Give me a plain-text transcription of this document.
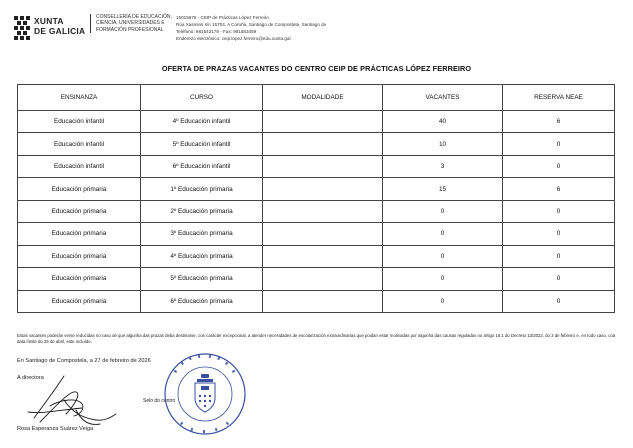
XUNTA
DE GALICIA
CONSELLERÍA DE EDUCACIÓN,
CIENCIA, UNIVERSIDADES E
FORMACIÓN PROFESIONAL
15015676 - CEIP de Prácticas López Ferreiro
Rúa Xasmins s/n 15704, A Coruña, Santiago de Compostela, Santiago de
Teléfono: 981543178 - Fax: 981583459
Enderezo electrónico: ceip.lopez.ferreiro@edu.xunta.gal
OFERTA DE PRAZAS VACANTES DO CENTRO CEIP DE PRÁCTICAS LÓPEZ FERREIRO
ENSINANZA	CURSO	MODALIDADE	VACANTES	RESERVA NEAE
Educación infantil	4º Educación infantil		40	6
Educación infantil	5º Educación infantil		10	0
Educación infantil	6º Educación infantil		3	0
Educación primaria	1º Educación primaria		15	6
Educación primaria	2º Educación primaria		0	0
Educación primaria	3º Educación primaria		0	0
Educación primaria	4º Educación primaria		0	0
Educación primaria	5º Educación primaria		0	0
Educación primaria	6º Educación primaria		0	0
Estas vacantes poderán verse reducidas no caso de que algunha das prazas deba destinarse, con carácter excepcional, a atender necesidades de escolarización extraordinarias que poidan estar motivadas por algunha das causas reguladas no artigo 16.1 do Decreto 13/2022, do 3 de febreiro e, en todo caso, coa data límite do 25 de abril, este incluído.
En Santiago de Compostela, a 27 de febreiro de 2026
A directora
Rosa Esperanza Suárez Veiga
Selo do centro
